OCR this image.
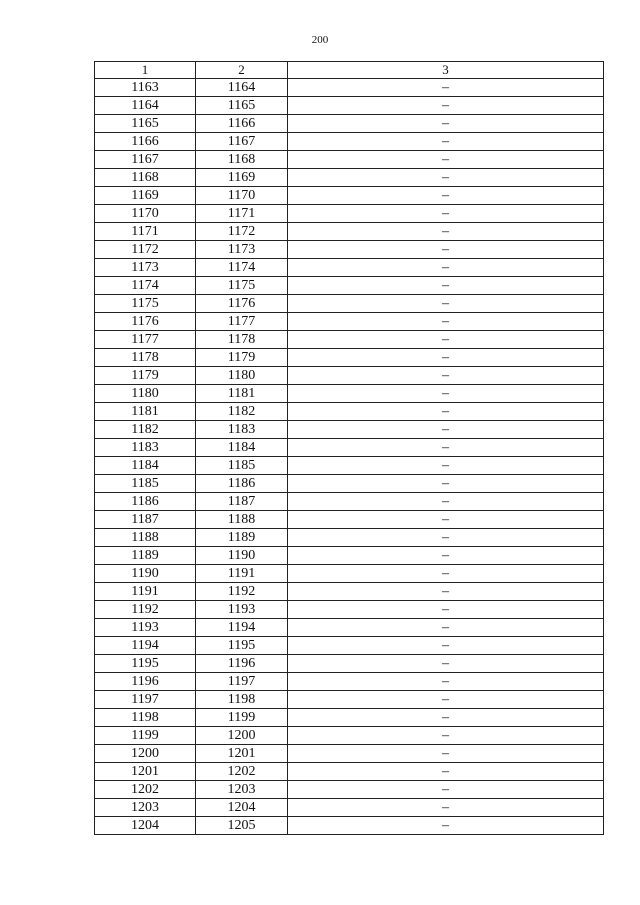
200
1	2	3
1163	1164	–
1164	1165	–
1165	1166	–
1166	1167	–
1167	1168	–
1168	1169	–
1169	1170	–
1170	1171	–
1171	1172	–
1172	1173	–
1173	1174	–
1174	1175	–
1175	1176	–
1176	1177	–
1177	1178	–
1178	1179	–
1179	1180	–
1180	1181	–
1181	1182	–
1182	1183	–
1183	1184	–
1184	1185	–
1185	1186	–
1186	1187	–
1187	1188	–
1188	1189	–
1189	1190	–
1190	1191	–
1191	1192	–
1192	1193	–
1193	1194	–
1194	1195	–
1195	1196	–
1196	1197	–
1197	1198	–
1198	1199	–
1199	1200	–
1200	1201	–
1201	1202	–
1202	1203	–
1203	1204	–
1204	1205	–
